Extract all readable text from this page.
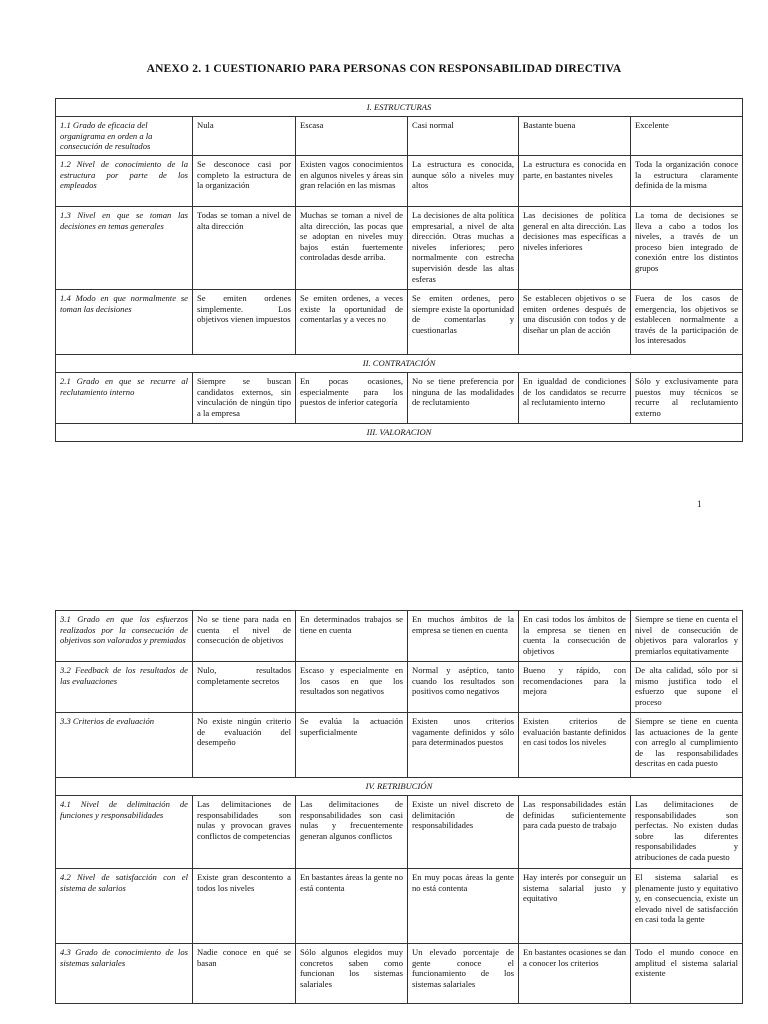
ANEXO 2. 1 CUESTIONARIO PARA PERSONAS CON RESPONSABILIDAD DIRECTIVA
I. ESTRUCTURAS					
1.1 Grado de eficacia del organigrama en orden a la consecución de resultados	Nula	Escasa	Casi normal	Bastante buena	Excelente
1.2 Nivel de conocimiento de la estructura por parte de los empleados	Se desconoce casi por completo la estructura de la organización	Existen vagos conocimientos en algunos niveles y áreas sin gran relación en las mismas	La estructura es conocida, aunque sólo a niveles muy altos	La estructura es conocida en parte, en bastantes niveles	Toda la organización conoce la estructura claramente definida de la misma
1.3 Nivel en que se toman las decisiones en temas generales	Todas se toman a nivel de alta dirección	Muchas se toman a nivel de alta dirección, las pocas que se adoptan en niveles muy bajos están fuertemente controladas desde arriba.	La decisiones de alta política empresarial, a nivel de alta dirección. Otras muchas a niveles inferiores; pero normalmente con estrecha supervisión desde las altas esferas	Las decisiones de política general en alta dirección. Las decisiones mas específicas a niveles inferiores	La toma de decisiones se lleva a cabo a todos los niveles, a través de un proceso bien integrado de conexión entre los distintos grupos
1.4 Modo en que normalmente se toman las decisiones	Se emiten ordenes simplemente. Los objetivos vienen impuestos	Se emiten ordenes, a veces existe la oportunidad de comentarlas y a veces no	Se emiten ordenes, pero siempre existe la oportunidad de comentarlas y cuestionarlas	Se establecen objetivos o se emiten ordenes después de una discusión con todos y de diseñar un plan de acción	Fuera de los casos de emergencia, los objetivos se establecen normalmente a través de la participación de los interesados
II. CONTRATACIÓN					
2.1 Grado en que se recurre al reclutamiento interno	Siempre se buscan candidatos externos, sin vinculación de ningún tipo a la empresa	En pocas ocasiones, especialmente para los puestos de inferior categoría	No se tiene preferencia por ninguna de las modalidades de reclutamiento	En igualdad de condiciones de los candidatos se recurre al reclutamiento interno	Sólo y exclusivamente para puestos muy técnicos se recurre al reclutamiento externo
III. VALORACION					
1
3.1 Grado en que los esfuerzos realizados por la consecución de objetivos son valorados y premiados	No se tiene para nada en cuenta el nivel de consecución de objetivos	En determinados trabajos se tiene en cuenta	En muchos ámbitos de la empresa se tienen en cuenta	En casi todos los ámbitos de la empresa se tienen en cuenta la consecución de objetivos	Siempre se tiene en cuenta el nivel de consecución de objetivos para valorarlos y premiarlos equitativamente
3.2 Feedback de los resultados de las evaluaciones	Nulo, resultados completamente secretos	Escaso y especialmente en los casos en que los resultados son negativos	Normal y aséptico, tanto cuando los resultados son positivos como negativos	Bueno y rápido, con recomendaciones para la mejora	De alta calidad, sólo por si mismo justifica todo el esfuerzo que supone el proceso
3.3 Criterios de evaluación	No existe ningún criterio de evaluación del desempeño	Se evalúa la actuación superficialmente	Existen unos criterios vagamente definidos y sólo para determinados puestos	Existen criterios de evaluación bastante definidos en casi todos los niveles	Siempre se tiene en cuenta las actuaciones de la gente con arreglo al cumplimiento de las responsabilidades descritas en cada puesto
IV. RETRIBUCIÓN					
4.1 Nivel de delimitación de funciones y responsabilidades	Las delimitaciones de responsabilidades son nulas y provocan graves conflictos de competencias	Las delimitaciones de responsabilidades son casi nulas y frecuentemente generan algunos conflictos	Existe un nivel discreto de delimitación de responsabilidades	Las responsabilidades están definidas suficientemente para cada puesto de trabajo	Las delimitaciones de responsabilidades son perfectas. No existen dudas sobre las diferentes responsabilidades y atribuciones de cada puesto
4.2 Nivel de satisfacción con el sistema de salarios	Existe gran descontento a todos los niveles	En bastantes áreas la gente no está contenta	En muy pocas áreas la gente no está contenta	Hay interés por conseguir un sistema salarial justo y equitativo	El sistema salarial es plenamente justo y equitativo y, en consecuencia, existe un elevado nivel de satisfacción en casi toda la gente
4.3 Grado de conocimiento de los sistemas salariales	Nadie conoce en qué se basan	Sólo algunos elegidos muy concretos saben como funcionan los sistemas salariales	Un elevado porcentaje de gente conoce el funcionamiento de los sistemas salariales	En bastantes ocasiones se dan a conocer los criterios	Todo el mundo conoce en amplitud el sistema salarial existente
